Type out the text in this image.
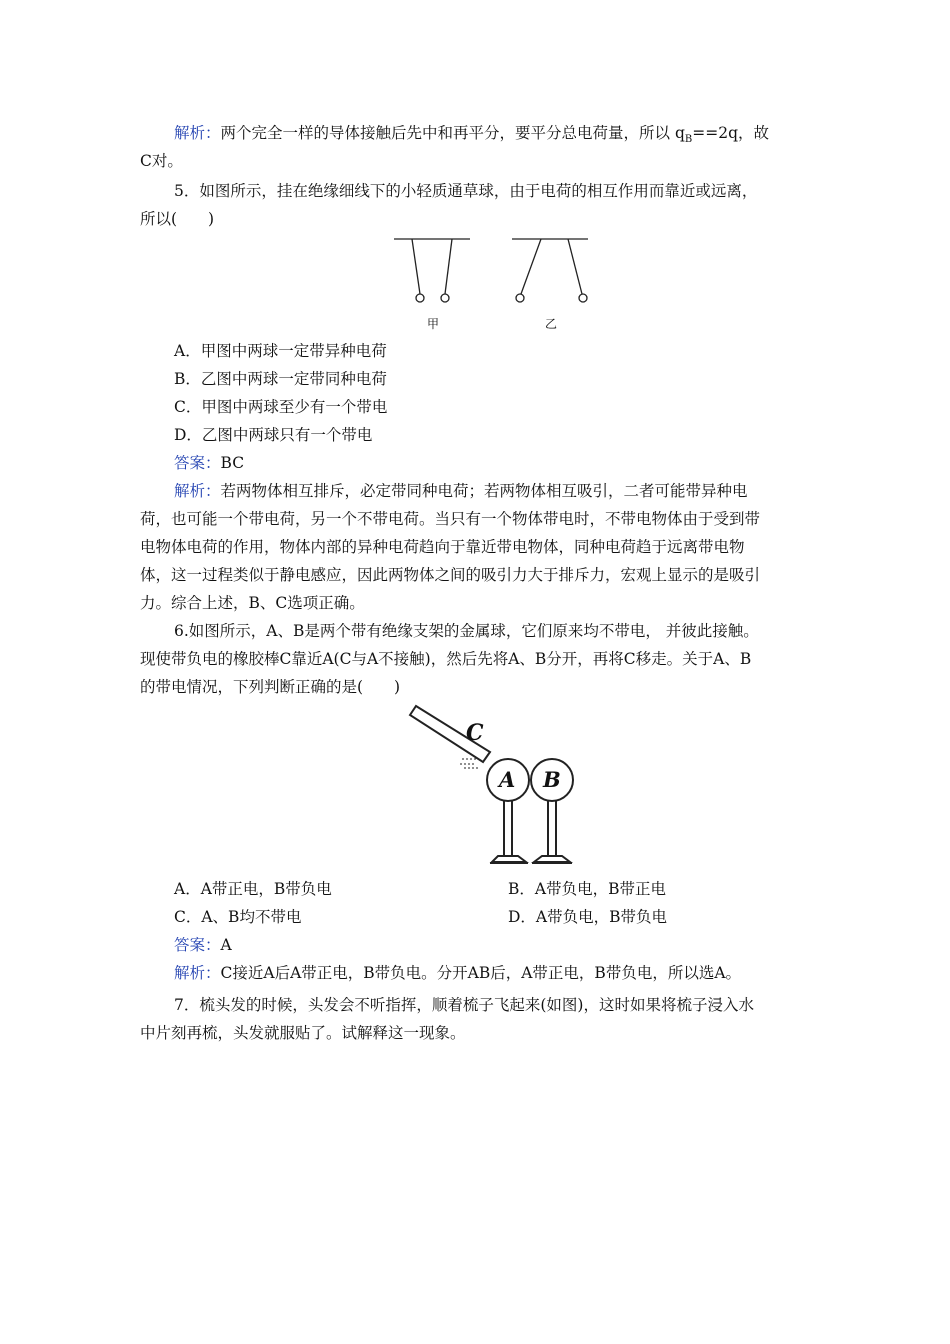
解析：两个完全一样的导体接触后先中和再平分，要平分总电荷量，所以 $q_B==2q$，故
C对。
5．如图所示，挂在绝缘细线下的小轻质通草球，由于电荷的相互作用而靠近或远离，
所以(　　)
甲	乙
A．甲图中两球一定带异种电荷
B．乙图中两球一定带同种电荷
C．甲图中两球至少有一个带电
D．乙图中两球只有一个带电
答案：BC
解析：若两物体相互排斥，必定带同种电荷；若两物体相互吸引，二者可能带异种电
荷，也可能一个带电荷，另一个不带电荷。当只有一个物体带电时，不带电物体由于受到带
电物体电荷的作用，物体内部的异种电荷趋向于靠近带电物体，同种电荷趋于远离带电物
体，这一过程类似于静电感应，因此两物体之间的吸引力大于排斥力，宏观上显示的是吸引
力。综合上述，B、C选项正确。
6.如图所示，A、B是两个带有绝缘支架的金属球，它们原来均不带电， 并彼此接触。
现使带负电的橡胶棒C靠近A(C与A不接触)，然后先将A、B分开，再将C移走。关于A、B
的带电情况，下列判断正确的是(　　)
C
A B
A．A带正电，B带负电	B．A带负电，B带正电
C．A、B均不带电	D．A带负电，B带负电
答案：A
解析：C接近A后A带正电，B带负电。分开AB后，A带正电，B带负电，所以选A。
7．梳头发的时候，头发会不听指挥，顺着梳子飞起来(如图)，这时如果将梳子浸入水
中片刻再梳，头发就服贴了。试解释这一现象。
